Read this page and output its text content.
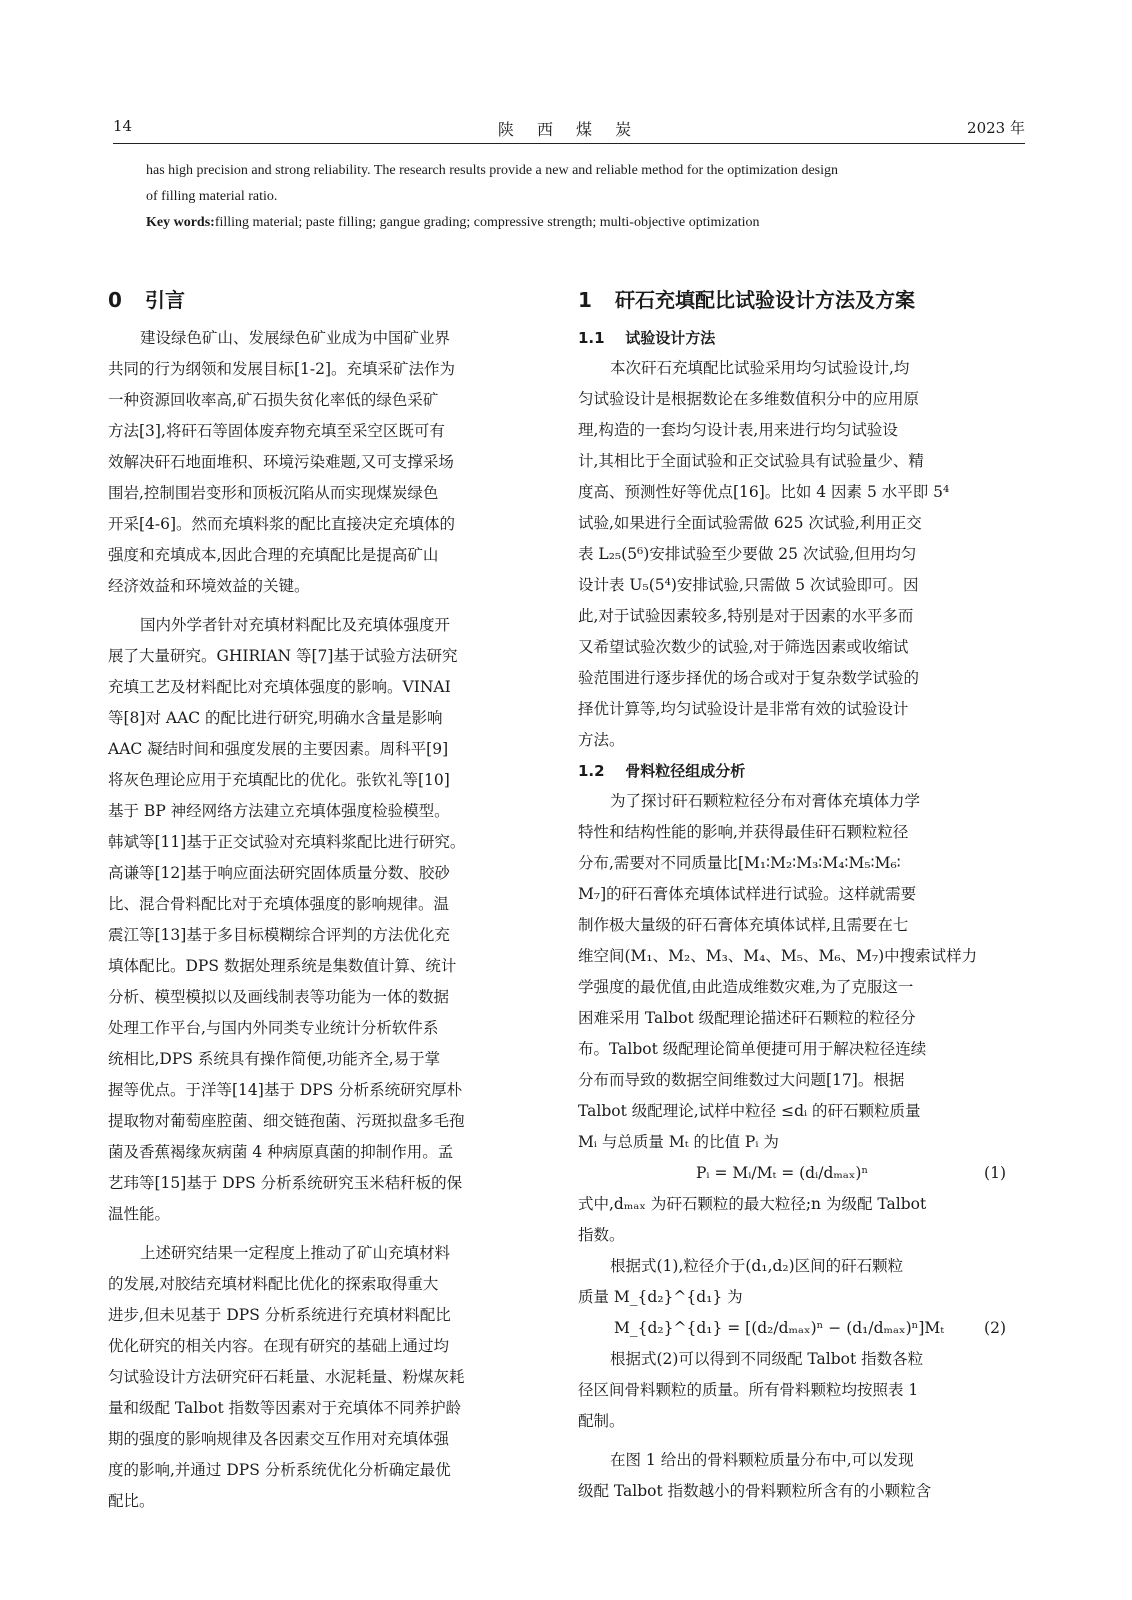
14	陕 西 煤 炭	2023 年

has high precision and strong reliability. The research results provide a new and reliable method for the optimization design

of filling material ratio.

Key words:filling material; paste filling; gangue grading; compressive strength; multi-objective optimization

0 引言
建设绿色矿山、发展绿色矿业成为中国矿业界
共同的行为纲领和发展目标[1-2]。充填采矿法作为
一种资源回收率高,矿石损失贫化率低的绿色采矿
方法[3],将矸石等固体废弃物充填至采空区既可有
效解决矸石地面堆积、环境污染难题,又可支撑采场
围岩,控制围岩变形和顶板沉陷从而实现煤炭绿色
开采[4-6]。然而充填料浆的配比直接决定充填体的
强度和充填成本,因此合理的充填配比是提高矿山
经济效益和环境效益的关键。
国内外学者针对充填材料配比及充填体强度开
展了大量研究。GHIRIAN 等[7]基于试验方法研究
充填工艺及材料配比对充填体强度的影响。VINAI
等[8]对 AAC 的配比进行研究,明确水含量是影响
AAC 凝结时间和强度发展的主要因素。周科平[9]
将灰色理论应用于充填配比的优化。张钦礼等[10]
基于 BP 神经网络方法建立充填体强度检验模型。
韩斌等[11]基于正交试验对充填料浆配比进行研究。
高谦等[12]基于响应面法研究固体质量分数、胶砂
比、混合骨料配比对于充填体强度的影响规律。温
震江等[13]基于多目标模糊综合评判的方法优化充
填体配比。DPS 数据处理系统是集数值计算、统计
分析、模型模拟以及画线制表等功能为一体的数据
处理工作平台,与国内外同类专业统计分析软件系
统相比,DPS 系统具有操作简便,功能齐全,易于掌
握等优点。于洋等[14]基于 DPS 分析系统研究厚朴
提取物对葡萄座腔菌、细交链孢菌、污斑拟盘多毛孢
菌及香蕉褐缘灰病菌 4 种病原真菌的抑制作用。孟
艺玮等[15]基于 DPS 分析系统研究玉米秸秆板的保
温性能。
上述研究结果一定程度上推动了矿山充填材料
的发展,对胶结充填材料配比优化的探索取得重大
进步,但未见基于 DPS 分析系统进行充填材料配比
优化研究的相关内容。在现有研究的基础上通过均
匀试验设计方法研究矸石耗量、水泥耗量、粉煤灰耗
量和级配 Talbot 指数等因素对于充填体不同养护龄
期的强度的影响规律及各因素交互作用对充填体强
度的影响,并通过 DPS 分析系统优化分析确定最优
配比。
1 矸石充填配比试验设计方法及方案
1.1 试验设计方法
本次矸石充填配比试验采用均匀试验设计,均
匀试验设计是根据数论在多维数值积分中的应用原
理,构造的一套均匀设计表,用来进行均匀试验设
计,其相比于全面试验和正交试验具有试验量少、精
度高、预测性好等优点[16]。比如 4 因素 5 水平即 5⁴
试验,如果进行全面试验需做 625 次试验,利用正交
表 L₂₅(5⁶)安排试验至少要做 25 次试验,但用均匀
设计表 U₅(5⁴)安排试验,只需做 5 次试验即可。因
此,对于试验因素较多,特别是对于因素的水平多而
又希望试验次数少的试验,对于筛选因素或收缩试
验范围进行逐步择优的场合或对于复杂数学试验的
择优计算等,均匀试验设计是非常有效的试验设计
方法。
1.2 骨料粒径组成分析
为了探讨矸石颗粒粒径分布对膏体充填体力学
特性和结构性能的影响,并获得最佳矸石颗粒粒径
分布,需要对不同质量比[M₁∶M₂∶M₃∶M₄∶M₅∶M₆∶
M₇]的矸石膏体充填体试样进行试验。这样就需要
制作极大量级的矸石膏体充填体试样,且需要在七
维空间(M₁、M₂、M₃、M₄、M₅、M₆、M₇)中搜索试样力
学强度的最优值,由此造成维数灾难,为了克服这一
困难采用 Talbot 级配理论描述矸石颗粒的粒径分
布。Talbot 级配理论简单便捷可用于解决粒径连续
分布而导致的数据空间维数过大问题[17]。根据
Talbot 级配理论,试样中粒径 ≤dᵢ 的矸石颗粒质量
Mᵢ 与总质量 Mₜ 的比值 Pᵢ 为
Pᵢ = Mᵢ/Mₜ = (dᵢ/dₘₐₓ)ⁿ	(1)
式中,dₘₐₓ 为矸石颗粒的最大粒径;n 为级配 Talbot
指数。
根据式(1),粒径介于(d₁,d₂)区间的矸石颗粒
质量 M_{d₂}^{d₁} 为
M_{d₂}^{d₁} = [(d₂/dₘₐₓ)ⁿ − (d₁/dₘₐₓ)ⁿ]Mₜ	(2)
根据式(2)可以得到不同级配 Talbot 指数各粒
径区间骨料颗粒的质量。所有骨料颗粒均按照表 1
配制。
在图 1 给出的骨料颗粒质量分布中,可以发现
级配 Talbot 指数越小的骨料颗粒所含有的小颗粒含
